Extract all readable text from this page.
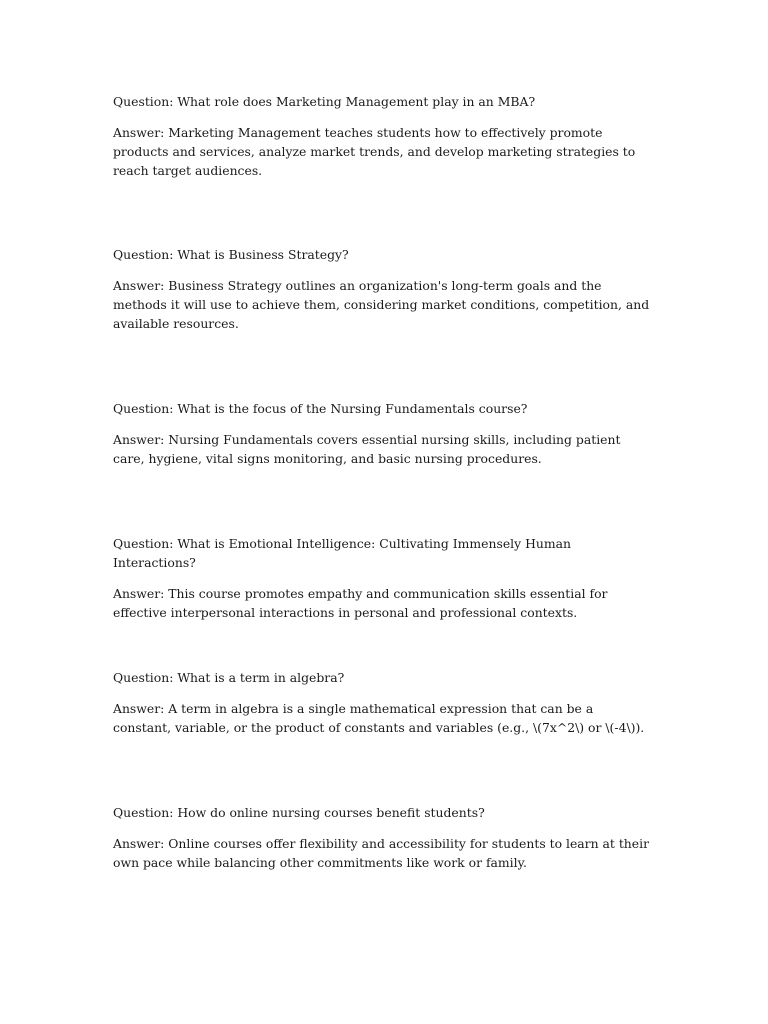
Question: What role does Marketing Management play in an MBA?

Answer: Marketing Management teaches students how to effectively promote products and services, analyze market trends, and develop marketing strategies to reach target audiences.

Question: What is Business Strategy?

Answer: Business Strategy outlines an organization's long-term goals and the methods it will use to achieve them, considering market conditions, competition, and available resources.

Question: What is the focus of the Nursing Fundamentals course?

Answer: Nursing Fundamentals covers essential nursing skills, including patient care, hygiene, vital signs monitoring, and basic nursing procedures.

Question: What is Emotional Intelligence: Cultivating Immensely Human Interactions?

Answer: This course promotes empathy and communication skills essential for effective interpersonal interactions in personal and professional contexts.

Question: What is a term in algebra?

Answer: A term in algebra is a single mathematical expression that can be a constant, variable, or the product of constants and variables (e.g., \(7x^2\) or \(-4\)).

Question: How do online nursing courses benefit students?

Answer: Online courses offer flexibility and accessibility for students to learn at their own pace while balancing other commitments like work or family.
